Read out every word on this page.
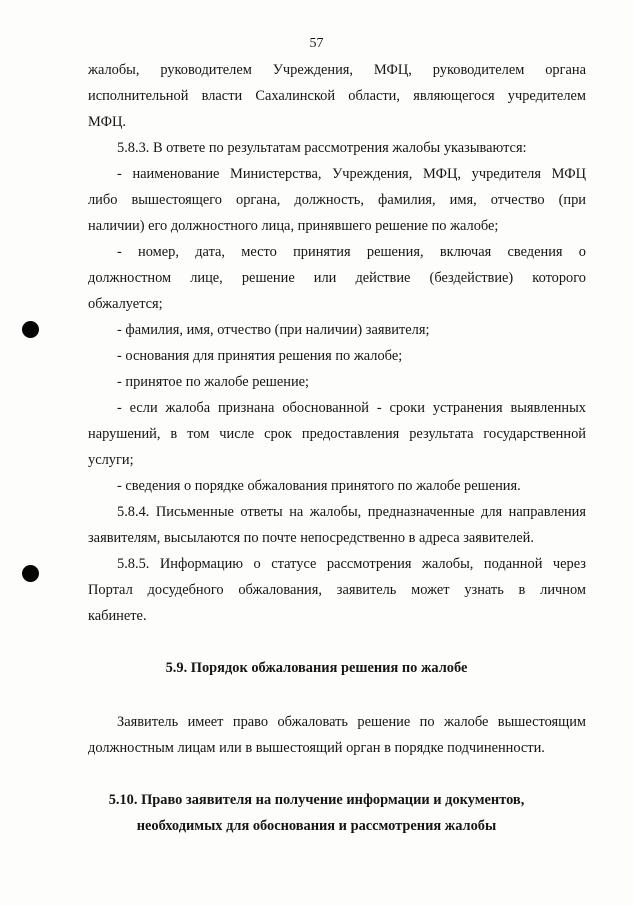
57
жалобы, руководителем Учреждения, МФЦ, руководителем органа
исполнительной власти Сахалинской области, являющегося учредителем
МФЦ.
5.8.3. В ответе по результатам рассмотрения жалобы указываются:
- наименование Министерства, Учреждения, МФЦ, учредителя МФЦ
либо вышестоящего органа, должность, фамилия, имя, отчество (при
наличии) его должностного лица, принявшего решение по жалобе;
- номер, дата, место принятия решения, включая сведения о
должностном лице, решение или действие (бездействие) которого
обжалуется;
- фамилия, имя, отчество (при наличии) заявителя;
- основания для принятия решения по жалобе;
- принятое по жалобе решение;
- если жалоба признана обоснованной - сроки устранения выявленных
нарушений, в том числе срок предоставления результата государственной
услуги;
- сведения о порядке обжалования принятого по жалобе решения.
5.8.4. Письменные ответы на жалобы, предназначенные для направления
заявителям, высылаются по почте непосредственно в адреса заявителей.
5.8.5. Информацию о статусе рассмотрения жалобы, поданной через
Портал досудебного обжалования, заявитель может узнать в личном
кабинете.
5.9. Порядок обжалования решения по жалобе
Заявитель имеет право обжаловать решение по жалобе вышестоящим
должностным лицам или в вышестоящий орган в порядке подчиненности.
5.10. Право заявителя на получение информации и документов,
необходимых для обоснования и рассмотрения жалобы
